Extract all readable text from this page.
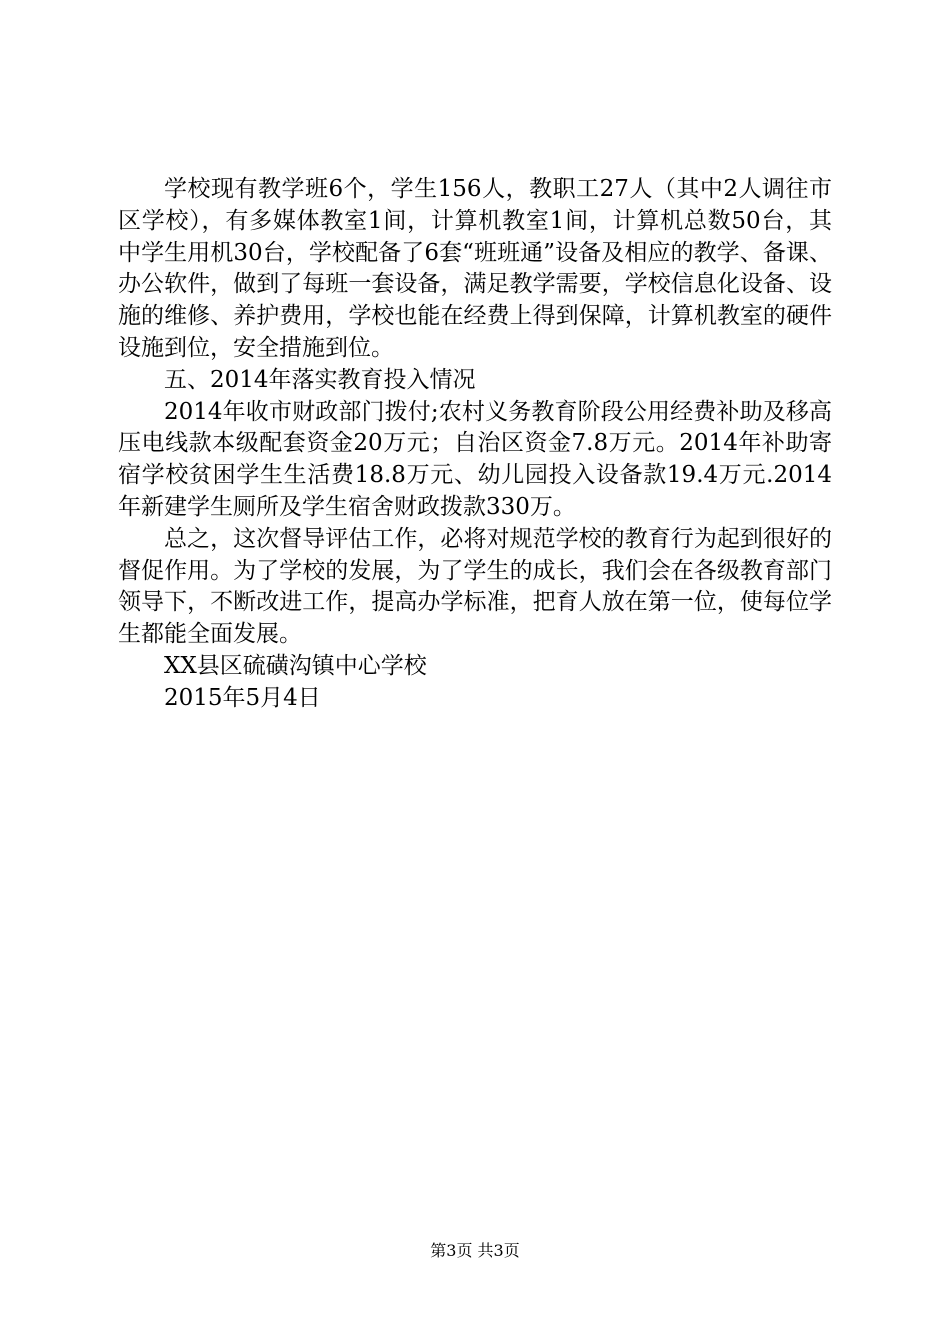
学校现有教学班6个，学生156人，教职工27人（其中2人调往市区学校），有多媒体教室1间，计算机教室1间，计算机总数50台，其中学生用机30台，学校配备了6套“班班通”设备及相应的教学、备课、办公软件，做到了每班一套设备，满足教学需要，学校信息化设备、设施的维修、养护费用，学校也能在经费上得到保障，计算机教室的硬件设施到位，安全措施到位。

五、2014年落实教育投入情况

2014年收市财政部门拨付;农村义务教育阶段公用经费补助及移高压电线款本级配套资金20万元；自治区资金7.8万元。2014年补助寄宿学校贫困学生生活费18.8万元、幼儿园投入设备款19.4万元.2014年新建学生厕所及学生宿舍财政拨款330万。

总之，这次督导评估工作，必将对规范学校的教育行为起到很好的督促作用。为了学校的发展，为了学生的成长，我们会在各级教育部门领导下，不断改进工作，提高办学标准，把育人放在第一位，使每位学生都能全面发展。

XX县区硫磺沟镇中心学校

2015年5月4日

第3页 共3页
